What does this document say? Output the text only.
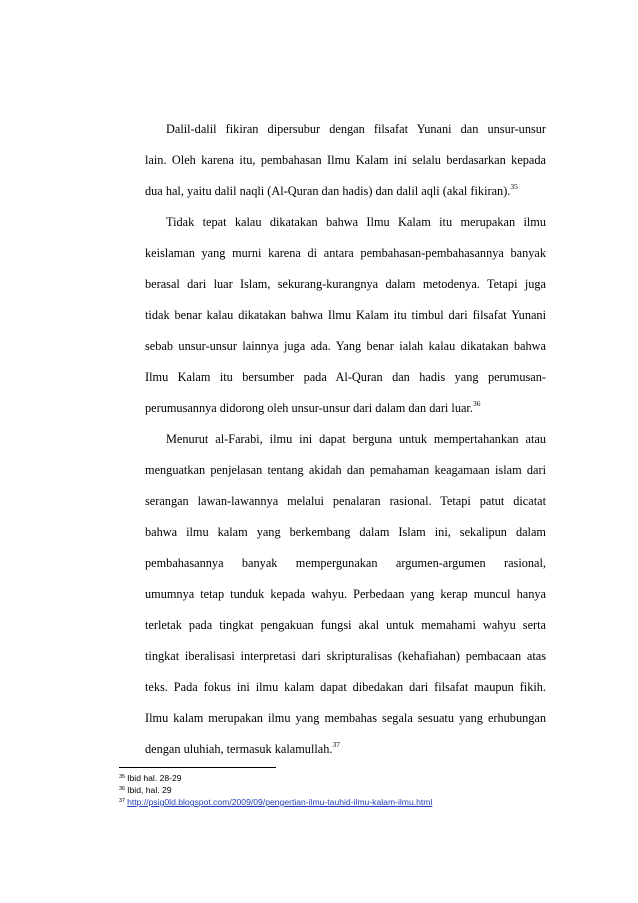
Dalil-dalil fikiran dipersubur dengan filsafat Yunani dan unsur-unsur
lain. Oleh karena itu, pembahasan Ilmu Kalam ini selalu berdasarkan kepada
dua hal, yaitu dalil naqli (Al-Quran dan hadis) dan dalil aqli (akal fikiran).$^{35}$
Tidak tepat kalau dikatakan bahwa Ilmu Kalam itu merupakan ilmu
keislaman yang murni karena di antara pembahasan-pembahasannya banyak
berasal dari luar Islam, sekurang-kurangnya dalam metodenya. Tetapi juga
tidak benar kalau dikatakan bahwa Ilmu Kalam itu timbul dari filsafat Yunani
sebab unsur-unsur lainnya juga ada. Yang benar ialah kalau dikatakan bahwa
Ilmu Kalam itu bersumber pada Al-Quran dan hadis yang perumusan-
perumusannya didorong oleh unsur-unsur dari dalam dan dari luar.$^{36}$
Menurut al-Farabi, ilmu ini dapat berguna untuk mempertahankan atau
menguatkan penjelasan tentang akidah dan pemahaman keagamaan islam dari
serangan lawan-lawannya melalui penalaran rasional. Tetapi patut dicatat
bahwa ilmu kalam yang berkembang dalam Islam ini, sekalipun dalam
pembahasannya banyak mempergunakan argumen-argumen rasional,
umumnya tetap tunduk kepada wahyu. Perbedaan yang kerap muncul hanya
terletak pada tingkat pengakuan fungsi akal untuk memahami wahyu serta
tingkat iberalisasi interpretasi dari skripturalisas (kehafiahan) pembacaan atas
teks. Pada fokus ini ilmu kalam dapat dibedakan dari filsafat maupun fikih.
Ilmu kalam merupakan ilmu yang membahas segala sesuatu yang erhubungan
dengan uluhiah, termasuk kalamullah.$^{37}$
$^{35}$ Ibid hal. 28-29
$^{36}$ Ibid, hal. 29
$^{37}$ http://psig0ld.blogspot.com/2009/09/pengertian-ilmu-tauhid-ilmu-kalam-ilmu.html
